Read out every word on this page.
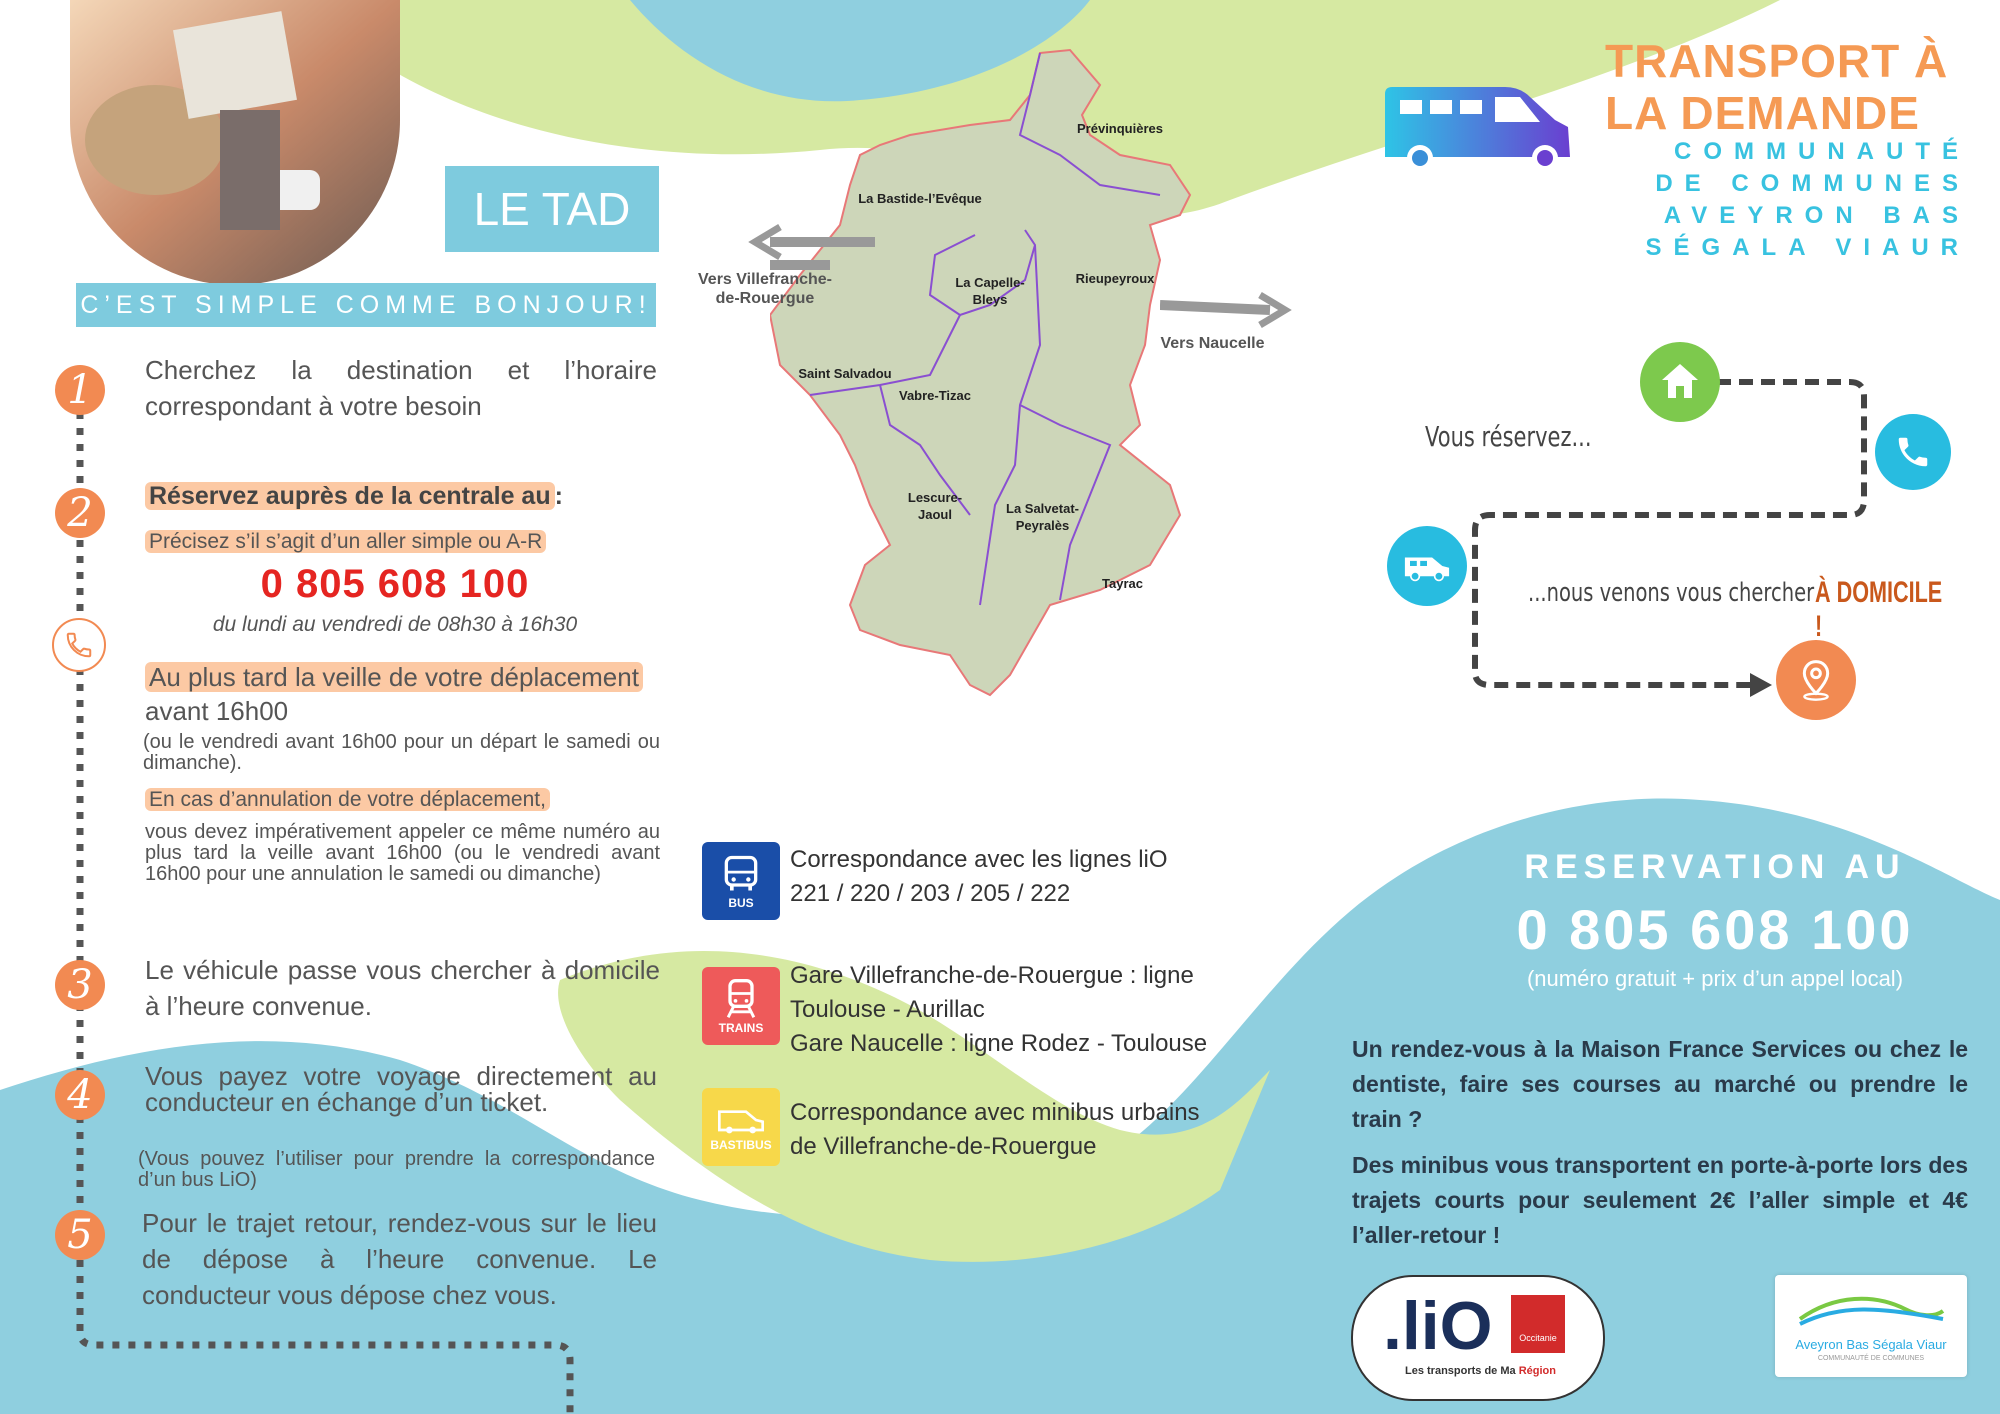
LE TAD
C’EST SIMPLE COMME BONJOUR!
1	Cherchez la destination et l’horaire correspondant à votre besoin
2	Réservez auprès de la centrale au :
Précisez s’il s’agit d’un aller simple ou A-R
0 805 608 100
du lundi au vendredi de 08h30 à 16h30
Au plus tard la veille de votre déplacement avant 16h00
(ou le vendredi avant 16h00 pour un départ le samedi ou dimanche).
En cas d’annulation de votre déplacement,
vous devez impérativement appeler ce même numéro au plus tard la veille avant 16h00 (ou le vendredi avant 16h00 pour une annulation le samedi ou dimanche)
3	Le véhicule passe vous chercher à domicile à l’heure convenue.
4	Vous payez votre voyage directement au conducteur en échange d’un ticket.
(Vous pouvez l’utiliser pour prendre la correspondance d’un bus LiO)
5	Pour le trajet retour, rendez-vous sur le lieu de dépose à l’heure convenue. Le conducteur vous dépose chez vous.
Prévinquières
La Bastide-l’Evêque
La Capelle-Bleys
Rieupeyroux
Saint Salvadou
Vabre-Tizac
Lescure-Jaoul	La Salvetat-Peyralès
Tayrac
Vers Villefranche-de-Rouergue
Vers Naucelle
BUS
Correspondance avec les lignes liO
221 / 220 / 203 / 205 / 222
TRAINS
Gare Villefranche-de-Rouergue : ligne
Toulouse - Aurillac
Gare Naucelle : ligne Rodez - Toulouse
BASTIBUS
Correspondance avec minibus urbains
de Villefranche-de-Rouergue
TRANSPORT À
LA DEMANDE
COMMUNAUTÉ
DE COMMUNES
AVEYRON BAS
SÉGALA VIAUR
Vous réservez...
...nous venons vous chercher À DOMICILE !
RESERVATION AU
0 805 608 100
(numéro gratuit + prix d’un appel local)
Un rendez-vous à la Maison France Services ou chez le dentiste, faire ses courses au marché ou prendre le train ?
Des minibus vous transportent en porte-à-porte lors des trajets courts pour seulement 2€ l’aller simple et 4€ l’aller-retour !
.liO	Occitanie
Les transports de Ma Région
Aveyron Bas Ségala Viaur
COMMUNAUTÉ DE COMMUNES
